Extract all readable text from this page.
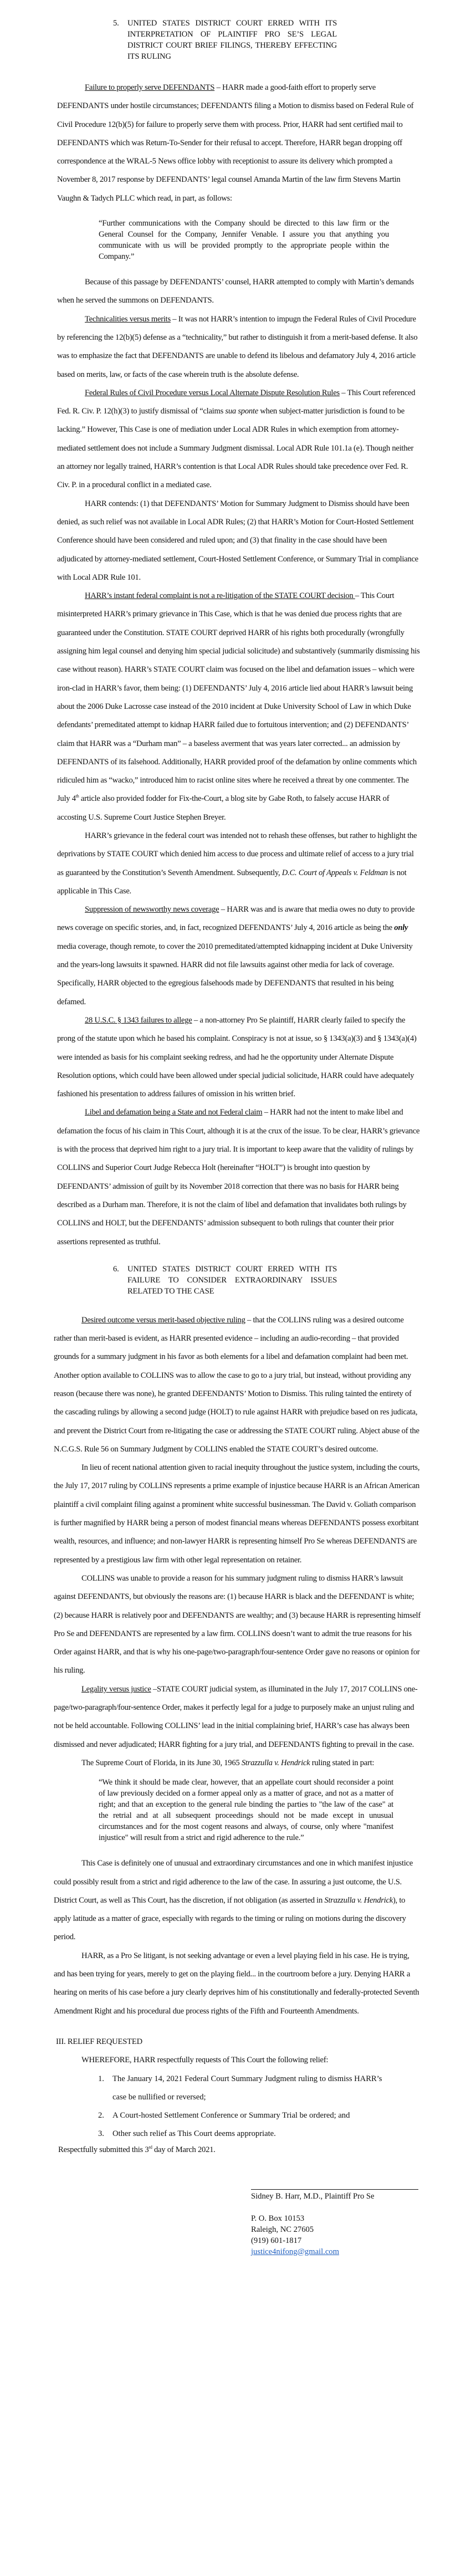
5.	UNITED STATES DISTRICT COURT ERRED WITH ITS INTERPRETATION OF PLAINTIFF PRO SE’S LEGAL DISTRICT COURT BRIEF FILINGS, THEREBY EFFECTING ITS RULING

Failure to properly serve DEFENDANTS – HARR made a good-faith effort to properly serve DEFENDANTS under hostile circumstances; DEFENDANTS filing a Motion to dismiss based on Federal Rule of Civil Procedure 12(b)(5) for failure to properly serve them with process. Prior, HARR had sent certified mail to DEFENDANTS which was Return-To-Sender for their refusal to accept. Therefore, HARR began dropping off correspondence at the WRAL-5 News office lobby with receptionist to assure its delivery which prompted a November 8, 2017 response by DEFENDANTS’ legal counsel Amanda Martin of the law firm Stevens Martin Vaughn & Tadych PLLC which read, in part, as follows:

“Further communications with the Company should be directed to this law firm or the General Counsel for the Company, Jennifer Venable. I assure you that anything you communicate with us will be provided promptly to the appropriate people within the Company.”

Because of this passage by DEFENDANTS’ counsel, HARR attempted to comply with Martin’s demands when he served the summons on DEFENDANTS.

Technicalities versus merits – It was not HARR’s intention to impugn the Federal Rules of Civil Procedure by referencing the 12(b)(5) defense as a “technicality,” but rather to distinguish it from a merit-based defense. It also was to emphasize the fact that DEFENDANTS are unable to defend its libelous and defamatory July 4, 2016 article based on merits, law, or facts of the case wherein truth is the absolute defense.

Federal Rules of Civil Procedure versus Local Alternate Dispute Resolution Rules – This Court referenced Fed. R. Civ. P. 12(h)(3) to justify dismissal of “claims sua sponte when subject-matter jurisdiction is found to be lacking.” However, This Case is one of mediation under Local ADR Rules in which exemption from attorney-mediated settlement does not include a Summary Judgment dismissal. Local ADR Rule 101.1a (e). Though neither an attorney nor legally trained, HARR’s contention is that Local ADR Rules should take precedence over Fed. R. Civ. P. in a procedural conflict in a mediated case.

HARR contends: (1) that DEFENDANTS’ Motion for Summary Judgment to Dismiss should have been denied, as such relief was not available in Local ADR Rules; (2) that HARR’s Motion for Court-Hosted Settlement Conference should have been considered and ruled upon; and (3) that finality in the case should have been adjudicated by attorney-mediated settlement, Court-Hosted Settlement Conference, or Summary Trial in compliance with Local ADR Rule 101.

HARR’s instant federal complaint is not a re-litigation of the STATE COURT decision – This Court misinterpreted HARR’s primary grievance in This Case, which is that he was denied due process rights that are guaranteed under the Constitution. STATE COURT deprived HARR of his rights both procedurally (wrongfully assigning him legal counsel and denying him special judicial solicitude) and substantively (summarily dismissing his case without reason). HARR’s STATE COURT claim was focused on the libel and defamation issues – which were iron-clad in HARR’s favor, them being: (1) DEFENDANTS’ July 4, 2016 article lied about HARR’s lawsuit being about the 2006 Duke Lacrosse case instead of the 2010 incident at Duke University School of Law in which Duke defendants’ premeditated attempt to kidnap HARR failed due to fortuitous intervention; and (2) DEFENDANTS’ claim that HARR was a “Durham man” – a baseless averment that was years later corrected... an admission by DEFENDANTS of its falsehood. Additionally, HARR provided proof of the defamation by online comments which ridiculed him as “wacko,” introduced him to racist online sites where he received a threat by one commenter. The July 4th article also provided fodder for Fix-the-Court, a blog site by Gabe Roth, to falsely accuse HARR of accosting U.S. Supreme Court Justice Stephen Breyer.

HARR’s grievance in the federal court was intended not to rehash these offenses, but rather to highlight the deprivations by STATE COURT which denied him access to due process and ultimate relief of access to a jury trial as guaranteed by the Constitution’s Seventh Amendment. Subsequently, D.C. Court of Appeals v. Feldman is not applicable in This Case.

Suppression of newsworthy news coverage – HARR was and is aware that media owes no duty to provide news coverage on specific stories, and, in fact, recognized DEFENDANTS’ July 4, 2016 article as being the only media coverage, though remote, to cover the 2010 premeditated/attempted kidnapping incident at Duke University and the years-long lawsuits it spawned. HARR did not file lawsuits against other media for lack of coverage. Specifically, HARR objected to the egregious falsehoods made by DEFENDANTS that resulted in his being defamed.

28 U.S.C. § 1343 failures to allege – a non-attorney Pro Se plaintiff, HARR clearly failed to specify the prong of the statute upon which he based his complaint. Conspiracy is not at issue, so § 1343(a)(3) and § 1343(a)(4) were intended as basis for his complaint seeking redress, and had he the opportunity under Alternate Dispute Resolution options, which could have been allowed under special judicial solicitude, HARR could have adequately fashioned his presentation to address failures of omission in his written brief.

Libel and defamation being a State and not Federal claim – HARR had not the intent to make libel and defamation the focus of his claim in This Court, although it is at the crux of the issue. To be clear, HARR’s grievance is with the process that deprived him right to a jury trial. It is important to keep aware that the validity of rulings by COLLINS and Superior Court Judge Rebecca Holt (hereinafter “HOLT”) is brought into question by DEFENDANTS’ admission of guilt by its November 2018 correction that there was no basis for HARR being described as a Durham man. Therefore, it is not the claim of libel and defamation that invalidates both rulings by COLLINS and HOLT, but the DEFENDANTS’ admission subsequent to both rulings that counter their prior assertions represented as truthful.

6.	UNITED STATES DISTRICT COURT ERRED WITH ITS FAILURE TO CONSIDER EXTRAORDINARY ISSUES RELATED TO THE CASE

Desired outcome versus merit-based objective ruling – that the COLLINS ruling was a desired outcome rather than merit-based is evident, as HARR presented evidence – including an audio-recording – that provided grounds for a summary judgment in his favor as both elements for a libel and defamation complaint had been met. Another option available to COLLINS was to allow the case to go to a jury trial, but instead, without providing any reason (because there was none), he granted DEFENDANTS’ Motion to Dismiss. This ruling tainted the entirety of the cascading rulings by allowing a second judge (HOLT) to rule against HARR with prejudice based on res judicata, and prevent the District Court from re-litigating the case or addressing the STATE COURT ruling. Abject abuse of the N.C.G.S. Rule 56 on Summary Judgment by COLLINS enabled the STATE COURT’s desired outcome.

In lieu of recent national attention given to racial inequity throughout the justice system, including the courts, the July 17, 2017 ruling by COLLINS represents a prime example of injustice because HARR is an African American plaintiff a civil complaint filing against a prominent white successful businessman. The David v. Goliath comparison is further magnified by HARR being a person of modest financial means whereas DEFENDANTS possess exorbitant wealth, resources, and influence; and non-lawyer HARR is representing himself Pro Se whereas DEFENDANTS are represented by a prestigious law firm with other legal representation on retainer.

COLLINS was unable to provide a reason for his summary judgment ruling to dismiss HARR’s lawsuit against DEFENDANTS, but obviously the reasons are: (1) because HARR is black and the DEFENDANT is white; (2) because HARR is relatively poor and DEFENDANTS are wealthy; and (3) because HARR is representing himself Pro Se and DEFENDANTS are represented by a law firm. COLLINS doesn’t want to admit the true reasons for his Order against HARR, and that is why his one-page/two-paragraph/four-sentence Order gave no reasons or opinion for his ruling.

Legality versus justice –STATE COURT judicial system, as illuminated in the July 17, 2017 COLLINS one-page/two-paragraph/four-sentence Order, makes it perfectly legal for a judge to purposely make an unjust ruling and not be held accountable. Following COLLINS’ lead in the initial complaining brief, HARR’s case has always been dismissed and never adjudicated; HARR fighting for a jury trial, and DEFENDANTS fighting to prevail in the case.

The Supreme Court of Florida, in its June 30, 1965 Strazzulla v. Hendrick ruling stated in part:

“We think it should be made clear, however, that an appellate court should reconsider a point of law previously decided on a former appeal only as a matter of grace, and not as a matter of right; and that an exception to the general rule binding the parties to "the law of the case" at the retrial and at all subsequent proceedings should not be made except in unusual circumstances and for the most cogent reasons and always, of course, only where "manifest injustice" will result from a strict and rigid adherence to the rule.”

This Case is definitely one of unusual and extraordinary circumstances and one in which manifest injustice could possibly result from a strict and rigid adherence to the law of the case. In assuring a just outcome, the U.S. District Court, as well as This Court, has the discretion, if not obligation (as asserted in Strazzulla v. Hendrick), to apply latitude as a matter of grace, especially with regards to the timing or ruling on motions during the discovery period.

HARR, as a Pro Se litigant, is not seeking advantage or even a level playing field in his case. He is trying, and has been trying for years, merely to get on the playing field... in the courtroom before a jury. Denying HARR a hearing on merits of his case before a jury clearly deprives him of his constitutionally and federally-protected Seventh Amendment Right and his procedural due process rights of the Fifth and Fourteenth Amendments.

III. RELIEF REQUESTED

WHEREFORE, HARR respectfully requests of This Court the following relief:

1.	The January 14, 2021 Federal Court Summary Judgment ruling to dismiss HARR’s case be nullified or reversed;
2.	A Court-hosted Settlement Conference or Summary Trial be ordered; and
3.	Other such relief as This Court deems appropriate.

Respectfully submitted this 3rd day of March 2021.

Sidney B. Harr, M.D., Plaintiff Pro Se
P. O. Box 10153
Raleigh, NC 27605
(919) 601-1817
justice4nifong@gmail.com
